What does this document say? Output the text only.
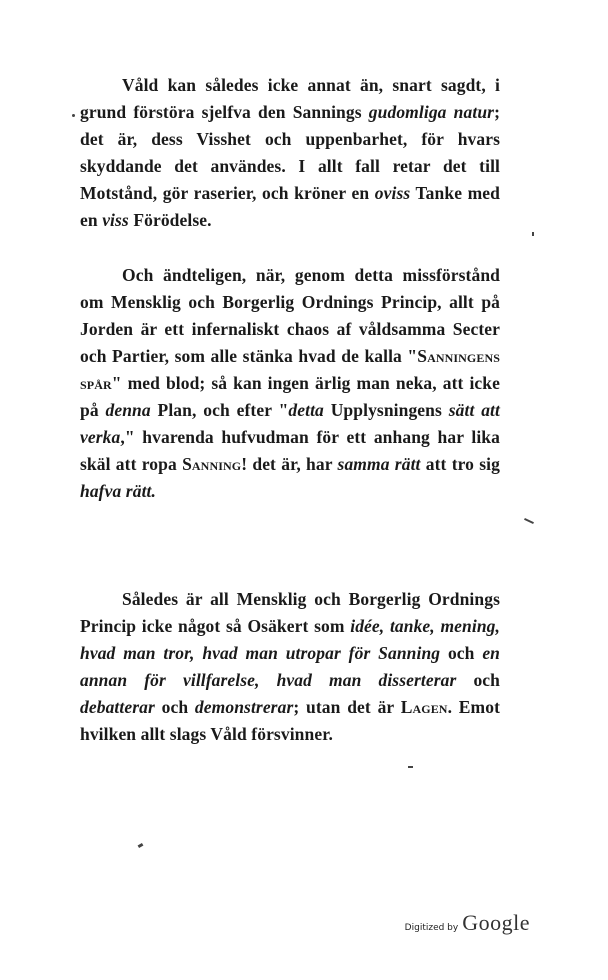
Våld kan således icke annat än, snart sagdt, i grund förstöra sjelfva den Sannings gudomliga natur; det är, dess Visshet och uppenbarhet, för hvars skyddande det användes. I allt fall retar det till Motstånd, gör raserier, och kröner en oviss Tanke med en viss Förödelse.

Och ändteligen, när, genom detta missförstånd om Mensklig och Borgerlig Ordnings Princip, allt på Jorden är ett infernaliskt chaos af våldsamma Secter och Partier, som alle stänka hvad de kalla "Sanningens spår" med blod; så kan ingen ärlig man neka, att icke på denna Plan, och efter "detta Upplysningens sätt att verka," hvarenda hufvudman för ett anhang har lika skäl att ropa Sanning! det är, har samma rätt att tro sig hafva rätt.

Således är all Mensklig och Borgerlig Ordnings Princip icke något så Osäkert som idée, tanke, mening, hvad man tror, hvad man utropar för Sanning och en annan för villfarelse, hvad man disserterar och debatterar och demonstrerar; utan det är Lagen. Emot hvilken allt slags Våld försvinner.

Digitized by Google
